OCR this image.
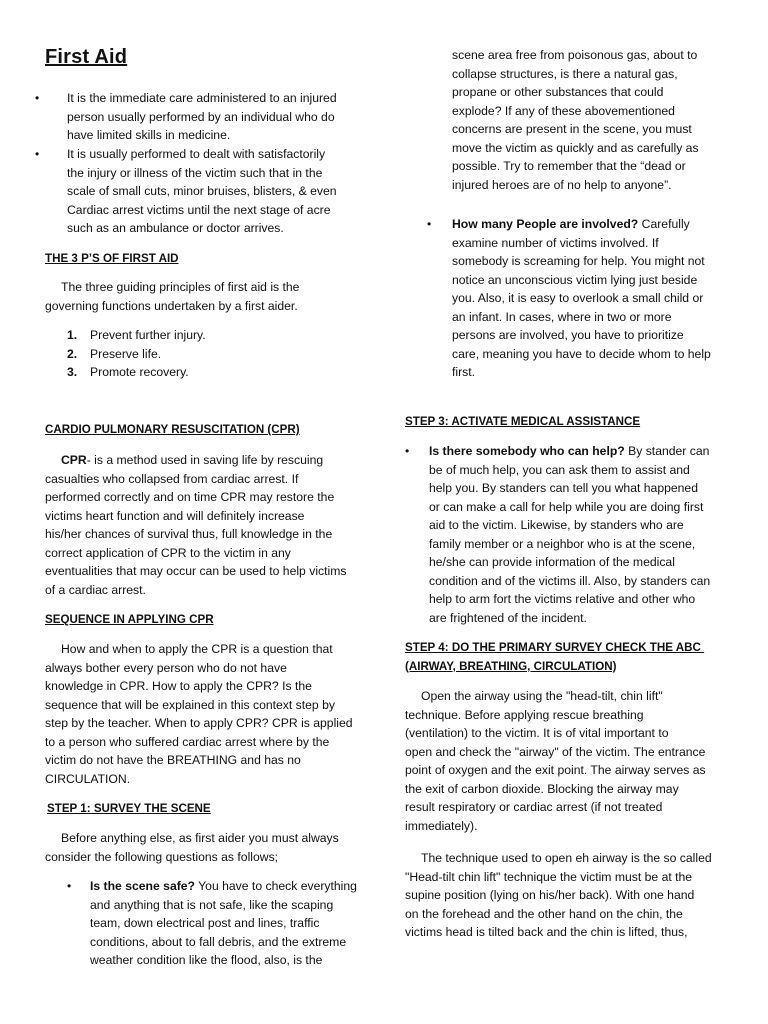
First Aid
• It is the immediate care administered to an injured
person usually performed by an individual who do
have limited skills in medicine.
• It is usually performed to dealt with satisfactorily
the injury or illness of the victim such that in the
scale of small cuts, minor bruises, blisters, & even
Cardiac arrest victims until the next stage of acre
such as an ambulance or doctor arrives.
THE 3 P’S OF FIRST AID
The three guiding principles of first aid is the
governing functions undertaken by a first aider.
1. Prevent further injury.
2. Preserve life.
3. Promote recovery.
CARDIO PULMONARY RESUSCITATION (CPR)
CPR- is a method used in saving life by rescuing
casualties who collapsed from cardiac arrest. If
performed correctly and on time CPR may restore the
victims heart function and will definitely increase
his/her chances of survival thus, full knowledge in the
correct application of CPR to the victim in any
eventualities that may occur can be used to help victims
of a cardiac arrest.
SEQUENCE IN APPLYING CPR
How and when to apply the CPR is a question that
always bother every person who do not have
knowledge in CPR. How to apply the CPR? Is the
sequence that will be explained in this context step by
step by the teacher. When to apply CPR? CPR is applied
to a person who suffered cardiac arrest where by the
victim do not have the BREATHING and has no
CIRCULATION.
STEP 1: SURVEY THE SCENE
Before anything else, as first aider you must always
consider the following questions as follows;
• Is the scene safe? You have to check everything
and anything that is not safe, like the scaping
team, down electrical post and lines, traffic
conditions, about to fall debris, and the extreme
weather condition like the flood, also, is the
scene area free from poisonous gas, about to
collapse structures, is there a natural gas,
propane or other substances that could
explode? If any of these abovementioned
concerns are present in the scene, you must
move the victim as quickly and as carefully as
possible. Try to remember that the “dead or
injured heroes are of no help to anyone”.
• How many People are involved? Carefully
examine number of victims involved. If
somebody is screaming for help. You might not
notice an unconscious victim lying just beside
you. Also, it is easy to overlook a small child or
an infant. In cases, where in two or more
persons are involved, you have to prioritize
care, meaning you have to decide whom to help
first.
STEP 3: ACTIVATE MEDICAL ASSISTANCE
• Is there somebody who can help? By stander can
be of much help, you can ask them to assist and
help you. By standers can tell you what happened
or can make a call for help while you are doing first
aid to the victim. Likewise, by standers who are
family member or a neighbor who is at the scene,
he/she can provide information of the medical
condition and of the victims ill. Also, by standers can
help to arm fort the victims relative and other who
are frightened of the incident.
STEP 4: DO THE PRIMARY SURVEY CHECK THE ABC
(AIRWAY, BREATHING, CIRCULATION)
Open the airway using the "head-tilt, chin lift"
technique. Before applying rescue breathing
(ventilation) to the victim. It is of vital important to
open and check the "airway" of the victim. The entrance
point of oxygen and the exit point. The airway serves as
the exit of carbon dioxide. Blocking the airway may
result respiratory or cardiac arrest (if not treated
immediately).
The technique used to open eh airway is the so called
"Head-tilt chin lift" technique the victim must be at the
supine position (lying on his/her back). With one hand
on the forehead and the other hand on the chin, the
victims head is tilted back and the chin is lifted, thus,
